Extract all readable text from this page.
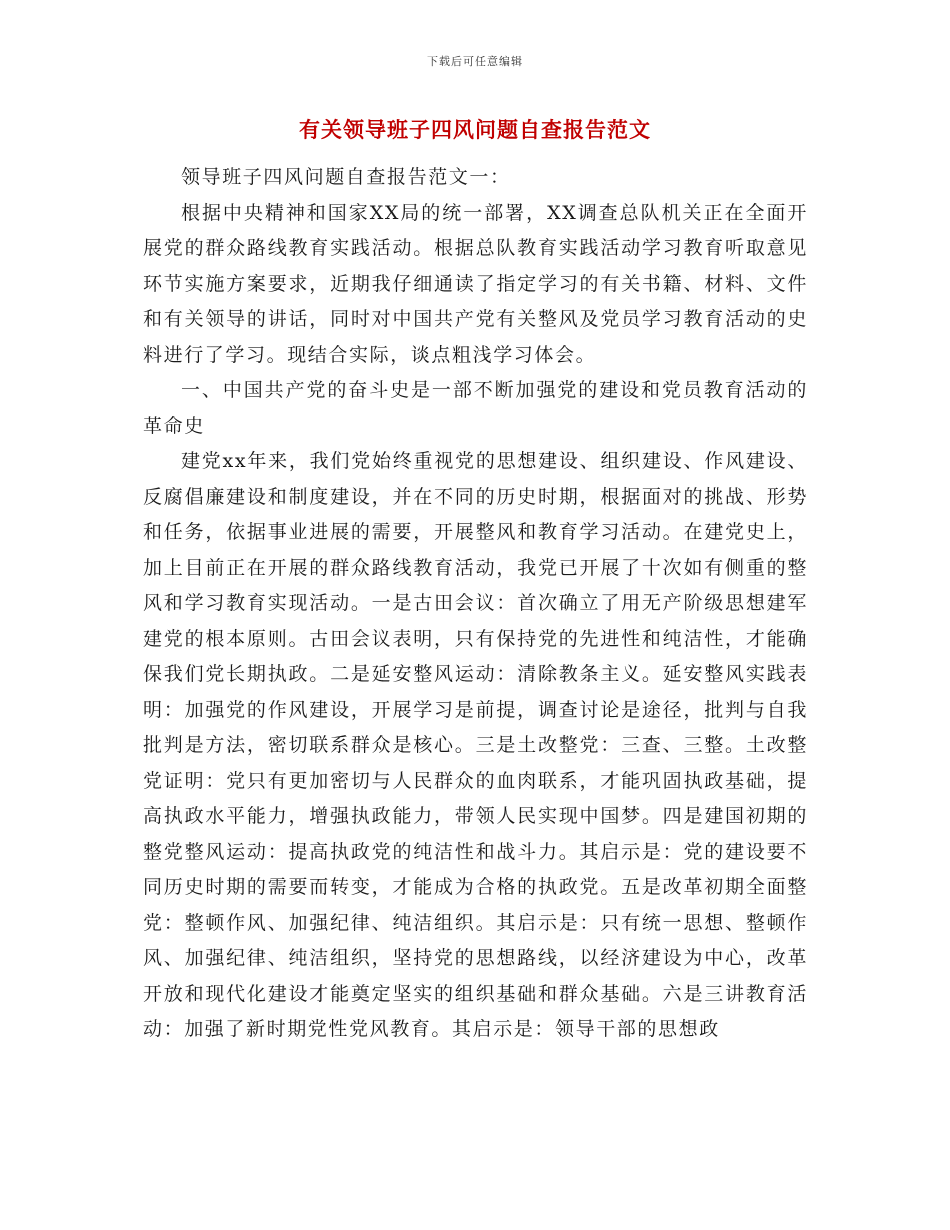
下载后可任意编辑
有关领导班子四风问题自查报告范文

领导班子四风问题自查报告范文一：

根据中央精神和国家XX局的统一部署，XX调查总队机关正在全面开展党的群众路线教育实践活动。根据总队教育实践活动学习教育听取意见环节实施方案要求，近期我仔细通读了指定学习的有关书籍、材料、文件和有关领导的讲话，同时对中国共产党有关整风及党员学习教育活动的史料进行了学习。现结合实际，谈点粗浅学习体会。

一、中国共产党的奋斗史是一部不断加强党的建设和党员教育活动的革命史

建党xx年来，我们党始终重视党的思想建设、组织建设、作风建设、反腐倡廉建设和制度建设，并在不同的历史时期，根据面对的挑战、形势和任务，依据事业进展的需要，开展整风和教育学习活动。在建党史上，加上目前正在开展的群众路线教育活动，我党已开展了十次如有侧重的整风和学习教育实现活动。一是古田会议：首次确立了用无产阶级思想建军建党的根本原则。古田会议表明，只有保持党的先进性和纯洁性，才能确保我们党长期执政。二是延安整风运动：清除教条主义。延安整风实践表明：加强党的作风建设，开展学习是前提，调查讨论是途径，批判与自我批判是方法，密切联系群众是核心。三是土改整党：三查、三整。土改整党证明：党只有更加密切与人民群众的血肉联系，才能巩固执政基础，提高执政水平能力，增强执政能力，带领人民实现中国梦。四是建国初期的整党整风运动：提高执政党的纯洁性和战斗力。其启示是：党的建设要不同历史时期的需要而转变，才能成为合格的执政党。五是改革初期全面整党：整顿作风、加强纪律、纯洁组织。其启示是：只有统一思想、整顿作风、加强纪律、纯洁组织，坚持党的思想路线，以经济建设为中心，改革开放和现代化建设才能奠定坚实的组织基础和群众基础。六是三讲教育活动：加强了新时期党性党风教育。其启示是：领导干部的思想政
